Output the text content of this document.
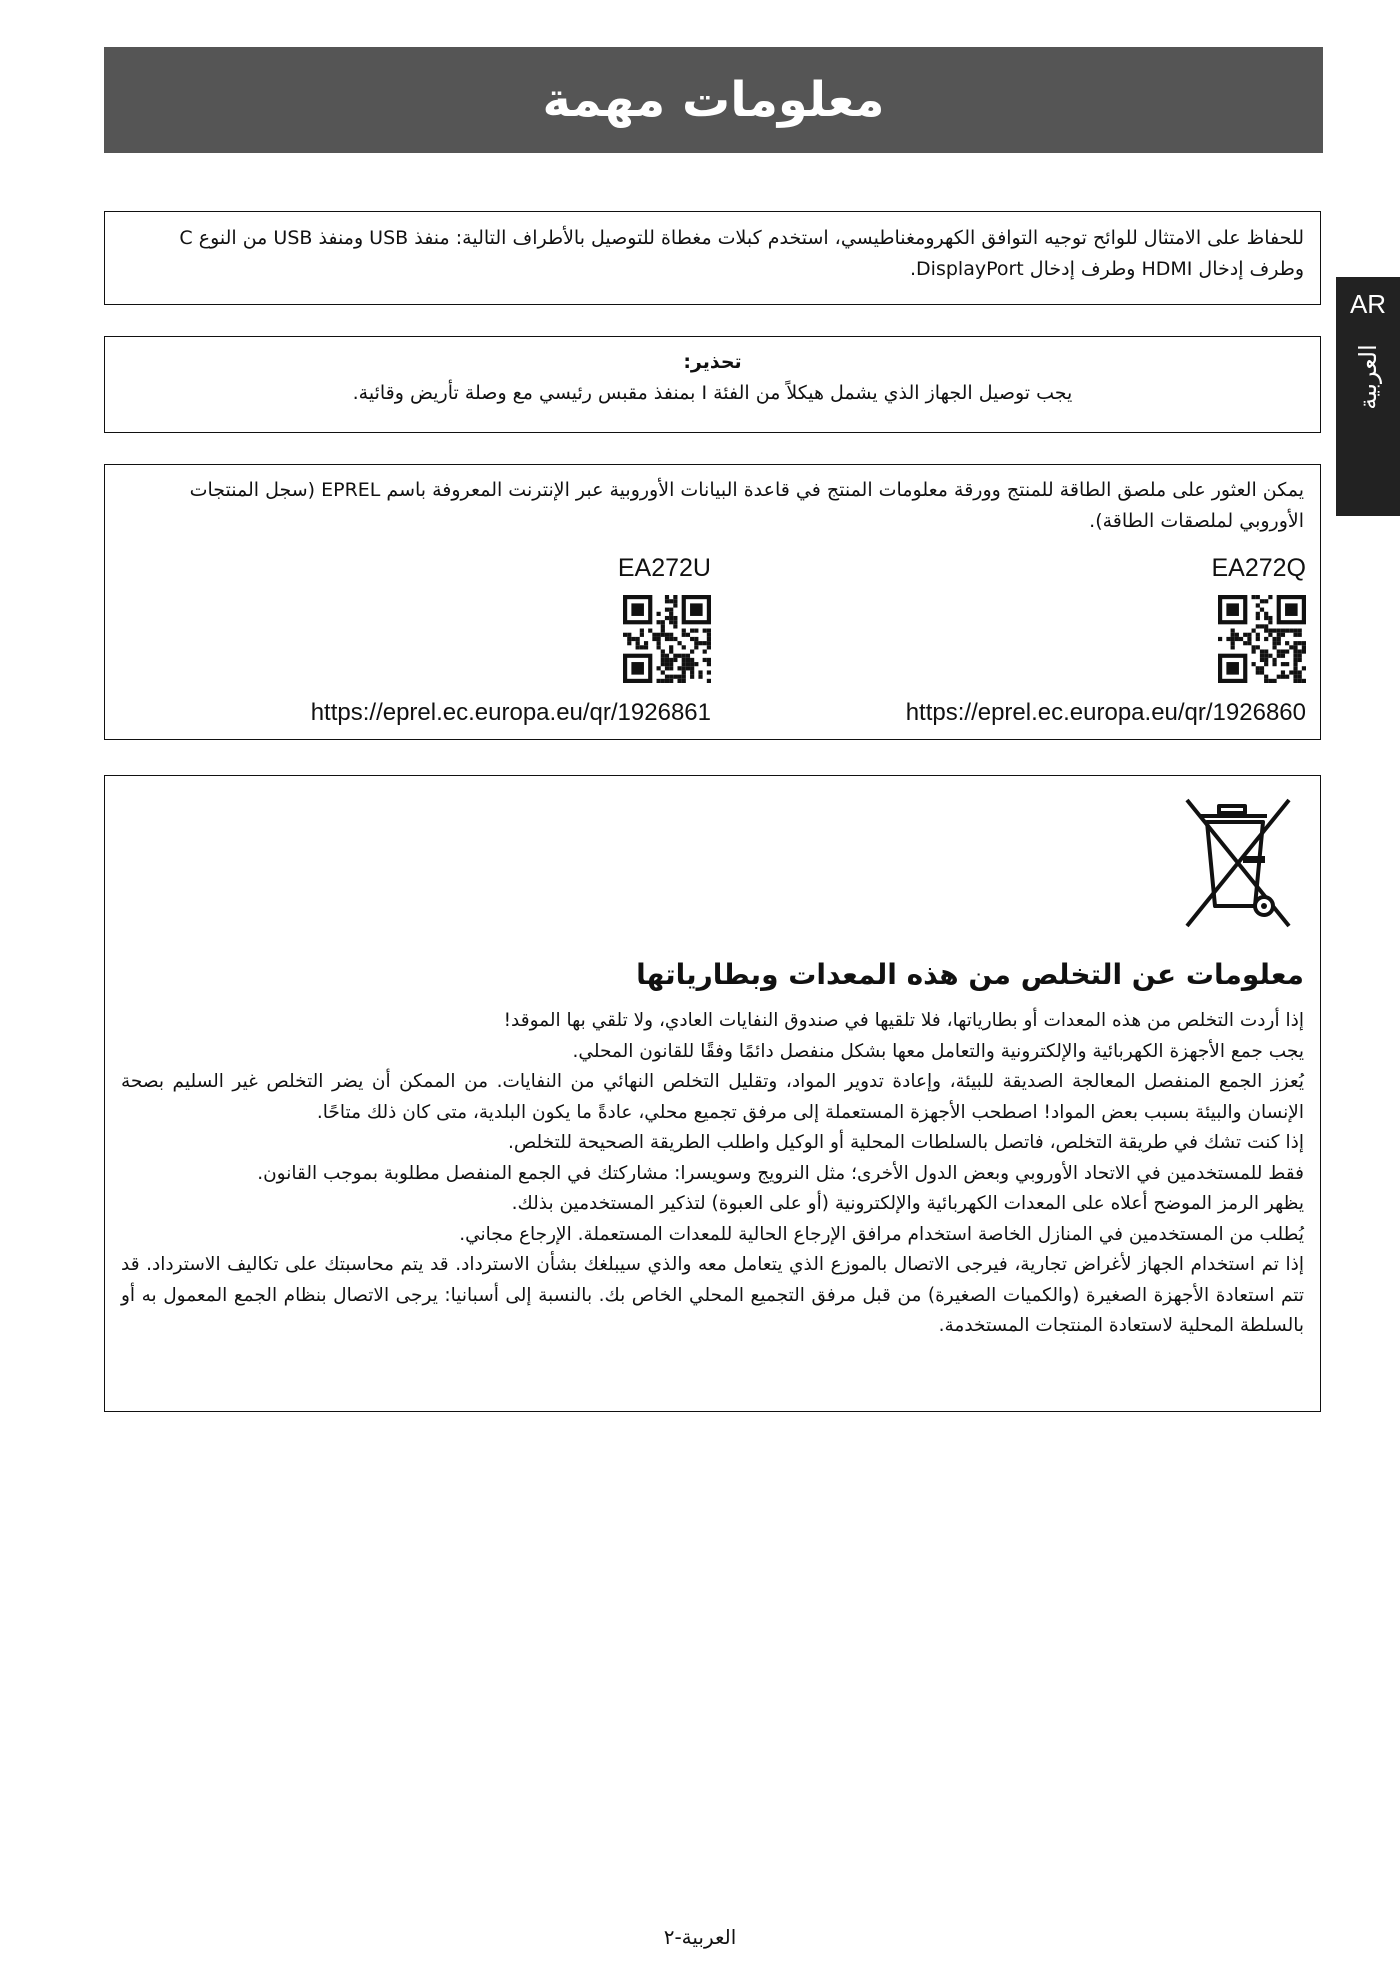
معلومات مهمة
AR
العربية

للحفاظ على الامتثال للوائح توجيه التوافق الكهرومغناطيسي، استخدم كبلات مغطاة للتوصيل بالأطراف التالية: منفذ USB ومنفذ USB من النوع C وطرف إدخال HDMI وطرف إدخال DisplayPort.

تحذير:

يجب توصيل الجهاز الذي يشمل هيكلاً من الفئة I بمنفذ مقبس رئيسي مع وصلة تأريض وقائية.

يمكن العثور على ملصق الطاقة للمنتج وورقة معلومات المنتج في قاعدة البيانات الأوروبية عبر الإنترنت المعروفة باسم EPREL (سجل المنتجات الأوروبي لملصقات الطاقة).

EA272Q
https://eprel.ec.europa.eu/qr/1926860
EA272U
https://eprel.ec.europa.eu/qr/1926861
معلومات عن التخلص من هذه المعدات وبطارياتها

إذا أردت التخلص من هذه المعدات أو بطارياتها، فلا تلقيها في صندوق النفايات العادي، ولا تلقي بها الموقد!

يجب جمع الأجهزة الكهربائية والإلكترونية والتعامل معها بشكل منفصل دائمًا وفقًا للقانون المحلي.

يُعزز الجمع المنفصل المعالجة الصديقة للبيئة، وإعادة تدوير المواد، وتقليل التخلص النهائي من النفايات. من الممكن أن يضر التخلص غير السليم بصحة الإنسان والبيئة بسبب بعض المواد! اصطحب الأجهزة المستعملة إلى مرفق تجميع محلي، عادةً ما يكون البلدية، متى كان ذلك متاحًا.

إذا كنت تشك في طريقة التخلص، فاتصل بالسلطات المحلية أو الوكيل واطلب الطريقة الصحيحة للتخلص.

فقط للمستخدمين في الاتحاد الأوروبي وبعض الدول الأخرى؛ مثل النرويج وسويسرا: مشاركتك في الجمع المنفصل مطلوبة بموجب القانون.

يظهر الرمز الموضح أعلاه على المعدات الكهربائية والإلكترونية (أو على العبوة) لتذكير المستخدمين بذلك.

يُطلب من المستخدمين في المنازل الخاصة استخدام مرافق الإرجاع الحالية للمعدات المستعملة. الإرجاع مجاني.

إذا تم استخدام الجهاز لأغراض تجارية، فيرجى الاتصال بالموزع الذي يتعامل معه والذي سيبلغك بشأن الاسترداد. قد يتم محاسبتك على تكاليف الاسترداد. قد تتم استعادة الأجهزة الصغيرة (والكميات الصغيرة) من قبل مرفق التجميع المحلي الخاص بك. بالنسبة إلى أسبانيا: يرجى الاتصال بنظام الجمع المعمول به أو بالسلطة المحلية لاستعادة المنتجات المستخدمة.

العربية-٢
